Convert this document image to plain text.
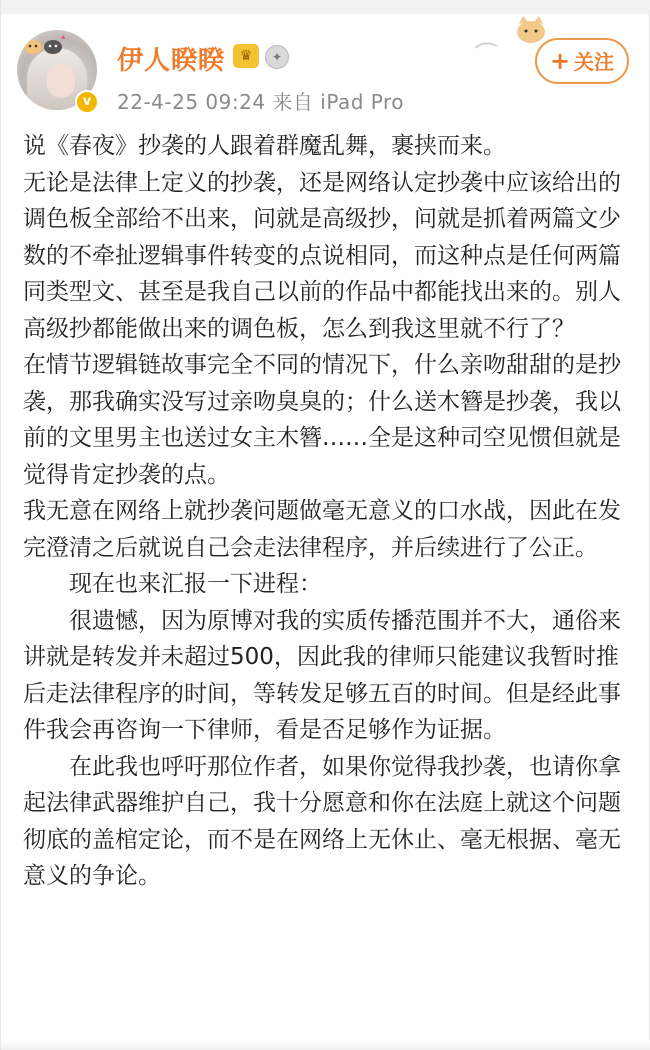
v
伊人睽睽	♛	✦
22-4-25 09:24 来自 iPad Pro
+ 关注

说《春夜》抄袭的人跟着群魔乱舞，裹挟而来。

无论是法律上定义的抄袭，还是网络认定抄袭中应该给出的调色板全部给不出来，问就是高级抄，问就是抓着两篇文少数的不牵扯逻辑事件转变的点说相同，而这种点是任何两篇同类型文、甚至是我自己以前的作品中都能找出来的。别人高级抄都能做出来的调色板，怎么到我这里就不行了？

在情节逻辑链故事完全不同的情况下，什么亲吻甜甜的是抄袭，那我确实没写过亲吻臭臭的；什么送木簪是抄袭，我以前的文里男主也送过女主木簪……全是这种司空见惯但就是觉得肯定抄袭的点。

我无意在网络上就抄袭问题做毫无意义的口水战，因此在发完澄清之后就说自己会走法律程序，并后续进行了公正。

现在也来汇报一下进程：

很遗憾，因为原博对我的实质传播范围并不大，通俗来讲就是转发并未超过500，因此我的律师只能建议我暂时推后走法律程序的时间，等转发足够五百的时间。但是经此事件我会再咨询一下律师，看是否足够作为证据。

在此我也呼吁那位作者，如果你觉得我抄袭，也请你拿起法律武器维护自己，我十分愿意和你在法庭上就这个问题彻底的盖棺定论，而不是在网络上无休止、毫无根据、毫无意义的争论。
